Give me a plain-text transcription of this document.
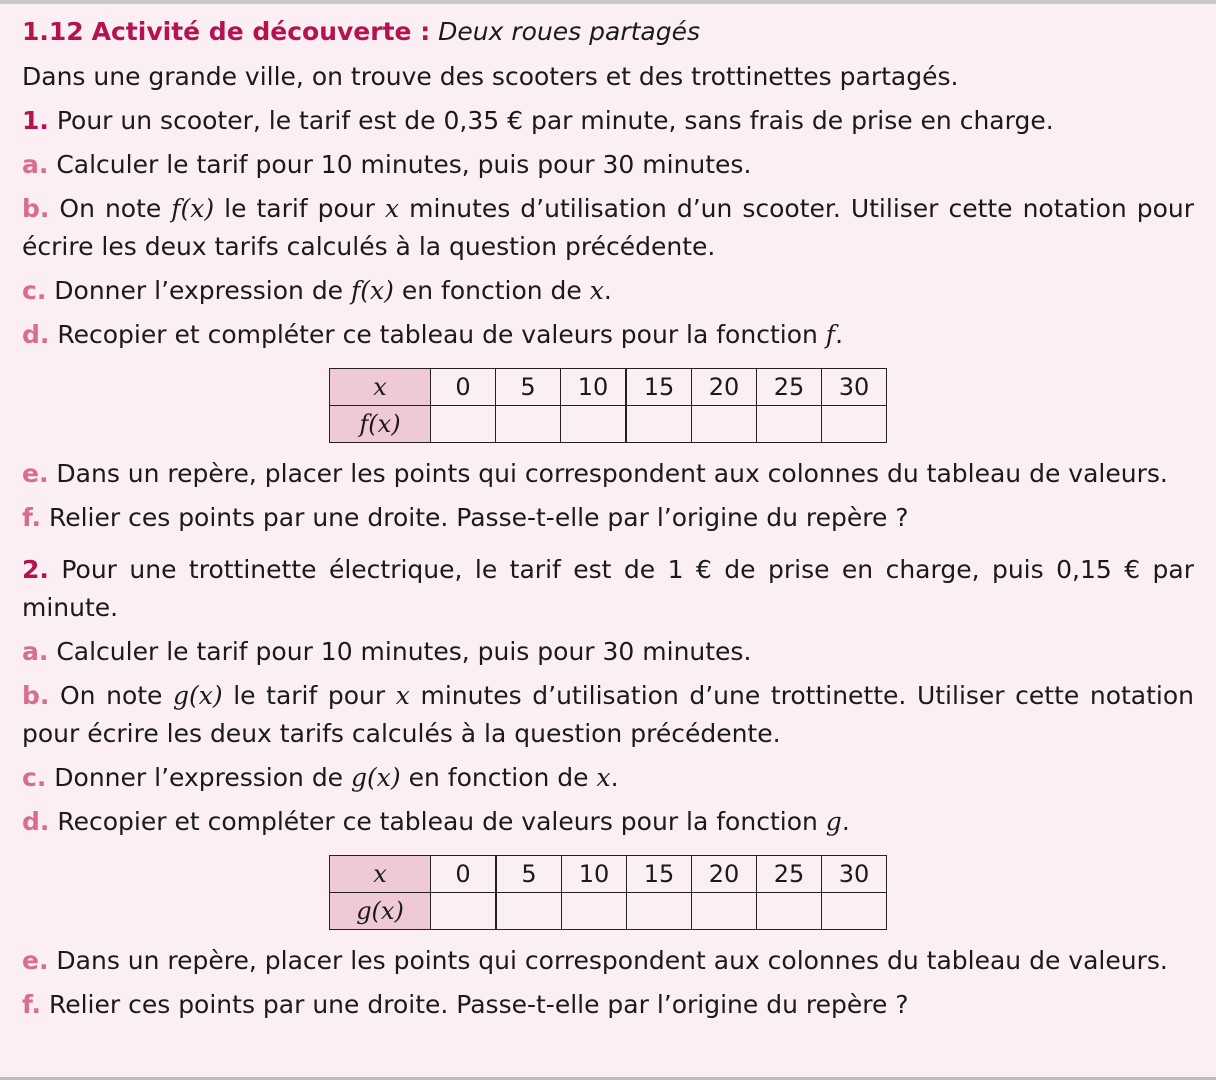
1.12 Activité de découverte : Deux roues partagés

Dans une grande ville, on trouve des scooters et des trottinettes partagés.

1. Pour un scooter, le tarif est de 0,35 € par minute, sans frais de prise en charge.

a. Calculer le tarif pour 10 minutes, puis pour 30 minutes.

b. On note f(x) le tarif pour x minutes d’utilisation d’un scooter. Utiliser cette notation pour écrire les deux tarifs calculés à la question précédente.

c. Donner l’expression de f(x) en fonction de x.

d. Recopier et compléter ce tableau de valeurs pour la fonction f.

x	0	5	10	15	20	25	30
f(x)							

e. Dans un repère, placer les points qui correspondent aux colonnes du tableau de valeurs.

f. Relier ces points par une droite. Passe-t-elle par l’origine du repère ?

2. Pour une trottinette électrique, le tarif est de 1 € de prise en charge, puis 0,15 € par minute.

a. Calculer le tarif pour 10 minutes, puis pour 30 minutes.

b. On note g(x) le tarif pour x minutes d’utilisation d’une trottinette. Utiliser cette notation pour écrire les deux tarifs calculés à la question précédente.

c. Donner l’expression de g(x) en fonction de x.

d. Recopier et compléter ce tableau de valeurs pour la fonction g.

x	0	5	10	15	20	25	30
g(x)							

e. Dans un repère, placer les points qui correspondent aux colonnes du tableau de valeurs.

f. Relier ces points par une droite. Passe-t-elle par l’origine du repère ?
